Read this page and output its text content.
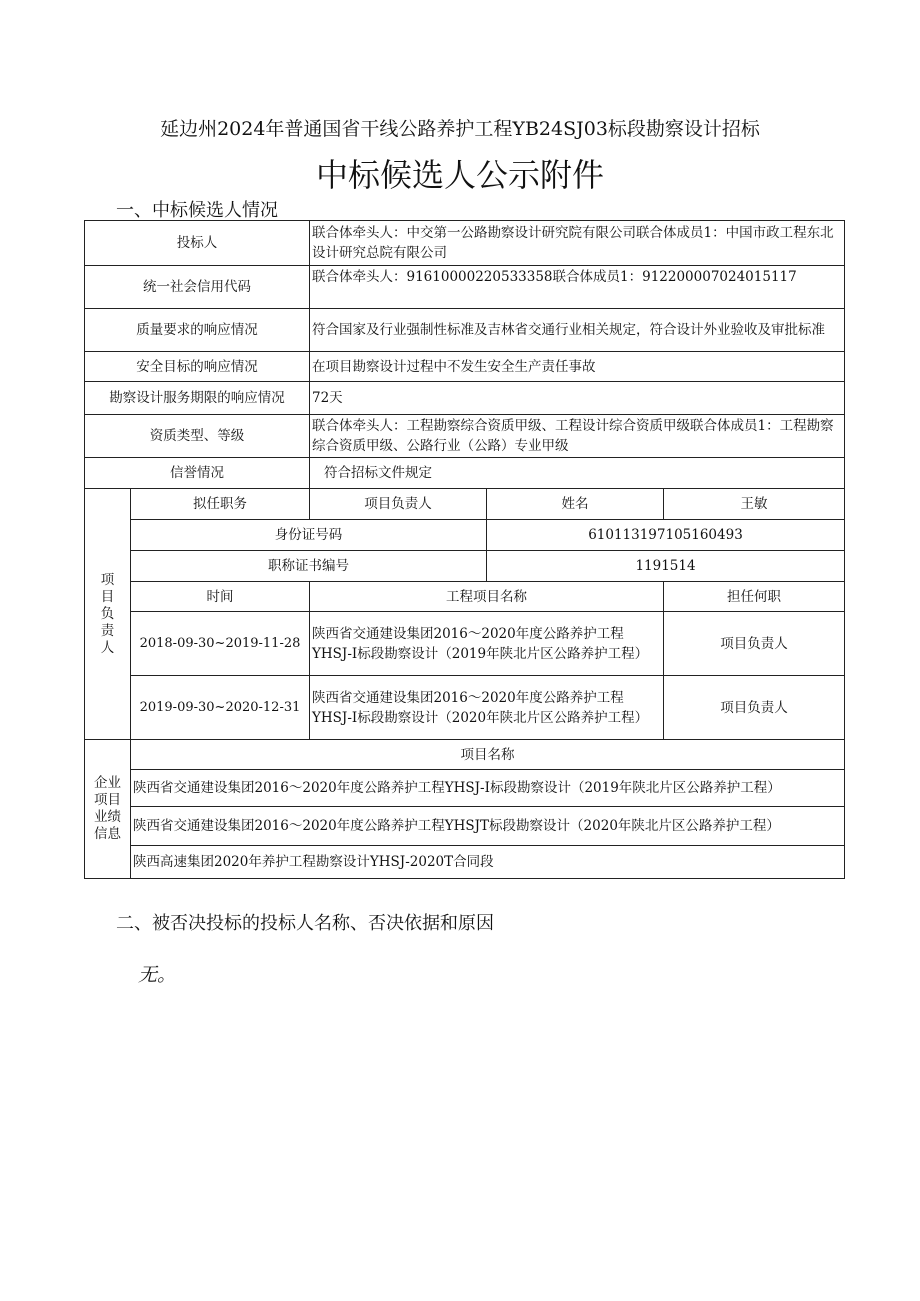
延边州2024年普通国省干线公路养护工程YB24SJ03标段勘察设计招标
中标候选人公示附件
一、中标候选人情况
投标人		联合体牵头人：中交第一公路勘察设计研究院有限公司联合体成员1：中国市政工程东北设计研究总院有限公司		
统一社会信用代码		联合体牵头人：91610000220533358联合体成员1：91220000702401511​7		
质量要求的响应情况		符合国家及行业强制性标准及吉林省交通行业相关规定，符合设计外业验收及审批标准		
安全目标的响应情况		在项目勘察设计过程中不发生安全生产责任事故		
勘察设计服务期限的响应情况		72天		
资质类型、等级		联合体牵头人：工程勘察综合资质甲级、工程设计综合资质甲级联合体成员1：工程勘察综合资质甲级、公路行业（公路）专业甲级		
信誉情况		符合招标文件规定		
项目负责人	拟任职务	项目负责人	姓名	王敏
	身份证号码		610113197105160493	
	职称证书编号		1191514	
	时间	工程项目名称		担任何职
	2018-09-30~2019-11-28	陕西省交通建设集团2016～2020年度公路养护工程YHSJ-I标段勘察设计（2019年陕北片区公路养护工程）		项目负责人
	2019-09-30~2020-12-31	陕西省交通建设集团2016～2020年度公路养护工程YHSJ-I标段勘察设计（2020年陕北片区公路养护工程）		项目负责人
企业项目业绩信息	项目名称			
	陕西省交通建设集团2016～2020年度公路养护工程YHSJ-I标段勘察设计（2019年陕北片区公路养护工程）			
	陕西省交通建设集团2016～2020年度公路养护工程YHSJT标段勘察设计（2020年陕北片区公路养护工程）			
	陕西高速集团2020年养护工程勘察设计YHSJ-2020T合同段			
二、被否决投标的投标人名称、否决依据和原因
无。
